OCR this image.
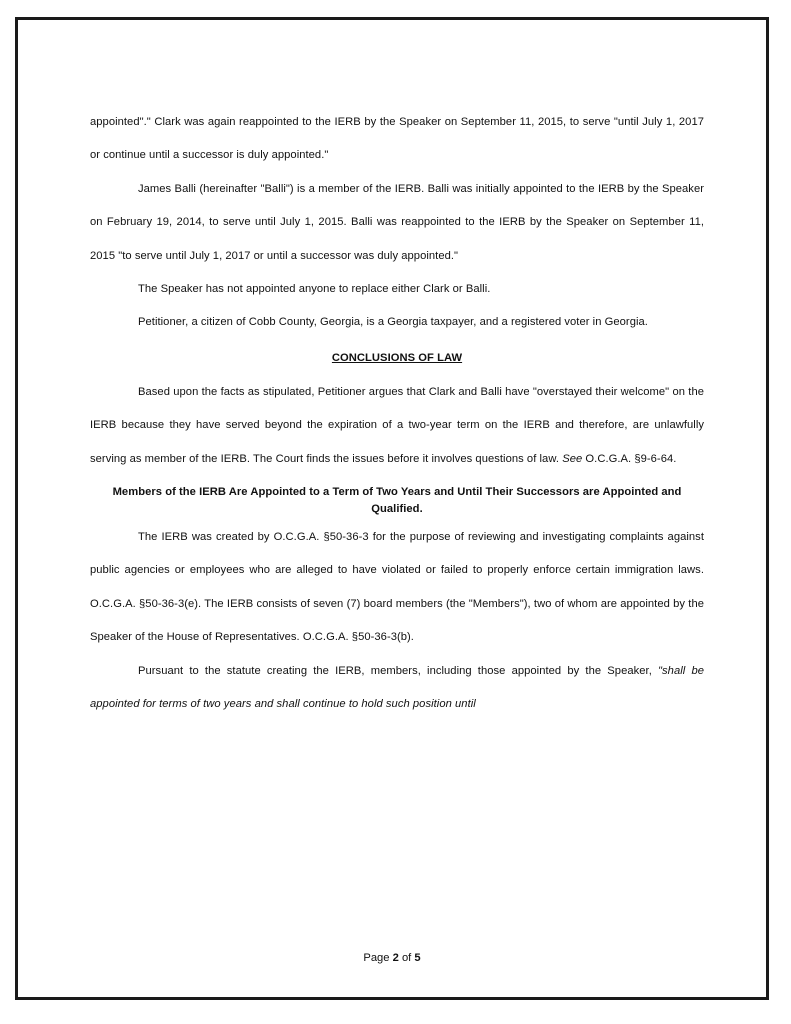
appointed"." Clark was again reappointed to the IERB by the Speaker on September 11, 2015, to serve "until July 1, 2017 or continue until a successor is duly appointed."

James Balli (hereinafter "Balli") is a member of the IERB. Balli was initially appointed to the IERB by the Speaker on February 19, 2014, to serve until July 1, 2015. Balli was reappointed to the IERB by the Speaker on September 11, 2015 "to serve until July 1, 2017 or until a successor was duly appointed."

The Speaker has not appointed anyone to replace either Clark or Balli.

Petitioner, a citizen of Cobb County, Georgia, is a Georgia taxpayer, and a registered voter in Georgia.

CONCLUSIONS OF LAW

Based upon the facts as stipulated, Petitioner argues that Clark and Balli have "overstayed their welcome" on the IERB because they have served beyond the expiration of a two-year term on the IERB and therefore, are unlawfully serving as member of the IERB. The Court finds the issues before it involves questions of law. See O.C.G.A. §9-6-64.

Members of the IERB Are Appointed to a Term of Two Years and Until Their Successors are Appointed and Qualified.

The IERB was created by O.C.G.A. §50-36-3 for the purpose of reviewing and investigating complaints against public agencies or employees who are alleged to have violated or failed to properly enforce certain immigration laws. O.C.G.A. §50-36-3(e). The IERB consists of seven (7) board members (the "Members"), two of whom are appointed by the Speaker of the House of Representatives. O.C.G.A. §50-36-3(b).

Pursuant to the statute creating the IERB, members, including those appointed by the Speaker, "shall be appointed for terms of two years and shall continue to hold such position until

Page 2 of 5
